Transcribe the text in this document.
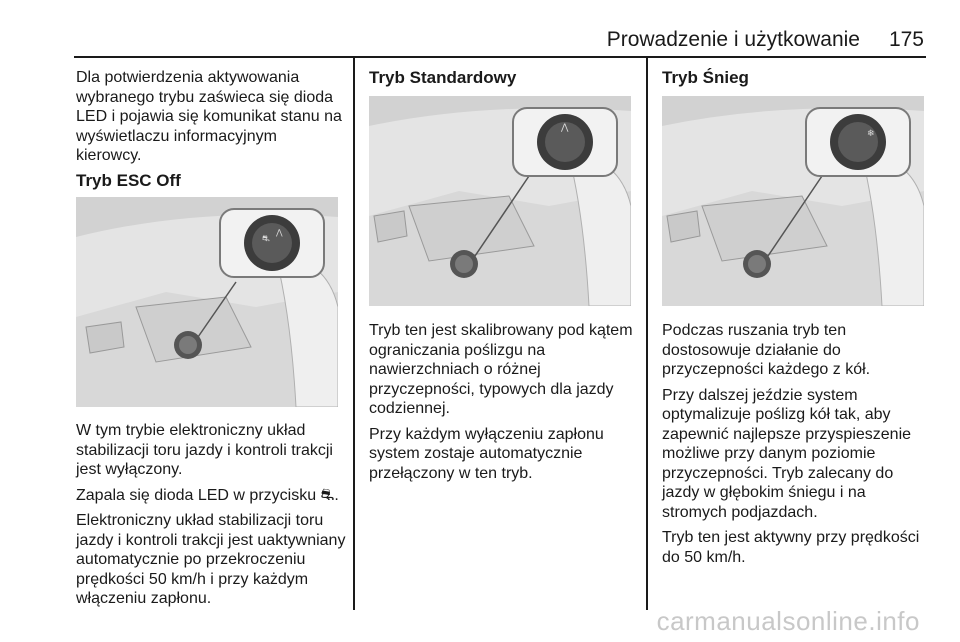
Prowadzenie i użytkowanie	175

Dla potwierdzenia aktywowania
wybranego trybu zaświeca się dioda
LED i pojawia się komunikat stanu na
wyświetlaczu informacyjnym
kierowcy.

Tryb ESC Off

⛐
⋀

W tym trybie elektroniczny układ
stabilizacji toru jazdy i kontroli trakcji
jest wyłączony.

Zapala się dioda LED w przycisku ⛐.

Elektroniczny układ stabilizacji toru
jazdy i kontroli trakcji jest uaktywniany
automatycznie po przekroczeniu
prędkości 50 km/h i przy każdym
włączeniu zapłonu.

Tryb Standardowy

⋀

Tryb ten jest skalibrowany pod kątem
ograniczania poślizgu na
nawierzchniach o różnej
przyczepności, typowych dla jazdy
codziennej.

Przy każdym wyłączeniu zapłonu
system zostaje automatycznie
przełączony w ten tryb.

Tryb Śnieg

❄

Podczas ruszania tryb ten
dostosowuje działanie do
przyczepności każdego z kół.

Przy dalszej jeździe system
optymalizuje poślizg kół tak, aby
zapewnić najlepsze przyspieszenie
możliwe przy danym poziomie
przyczepności. Tryb zalecany do
jazdy w głębokim śniegu i na
stromych podjazdach.

Tryb ten jest aktywny przy prędkości
do 50 km/h.

carmanualsonline.info
